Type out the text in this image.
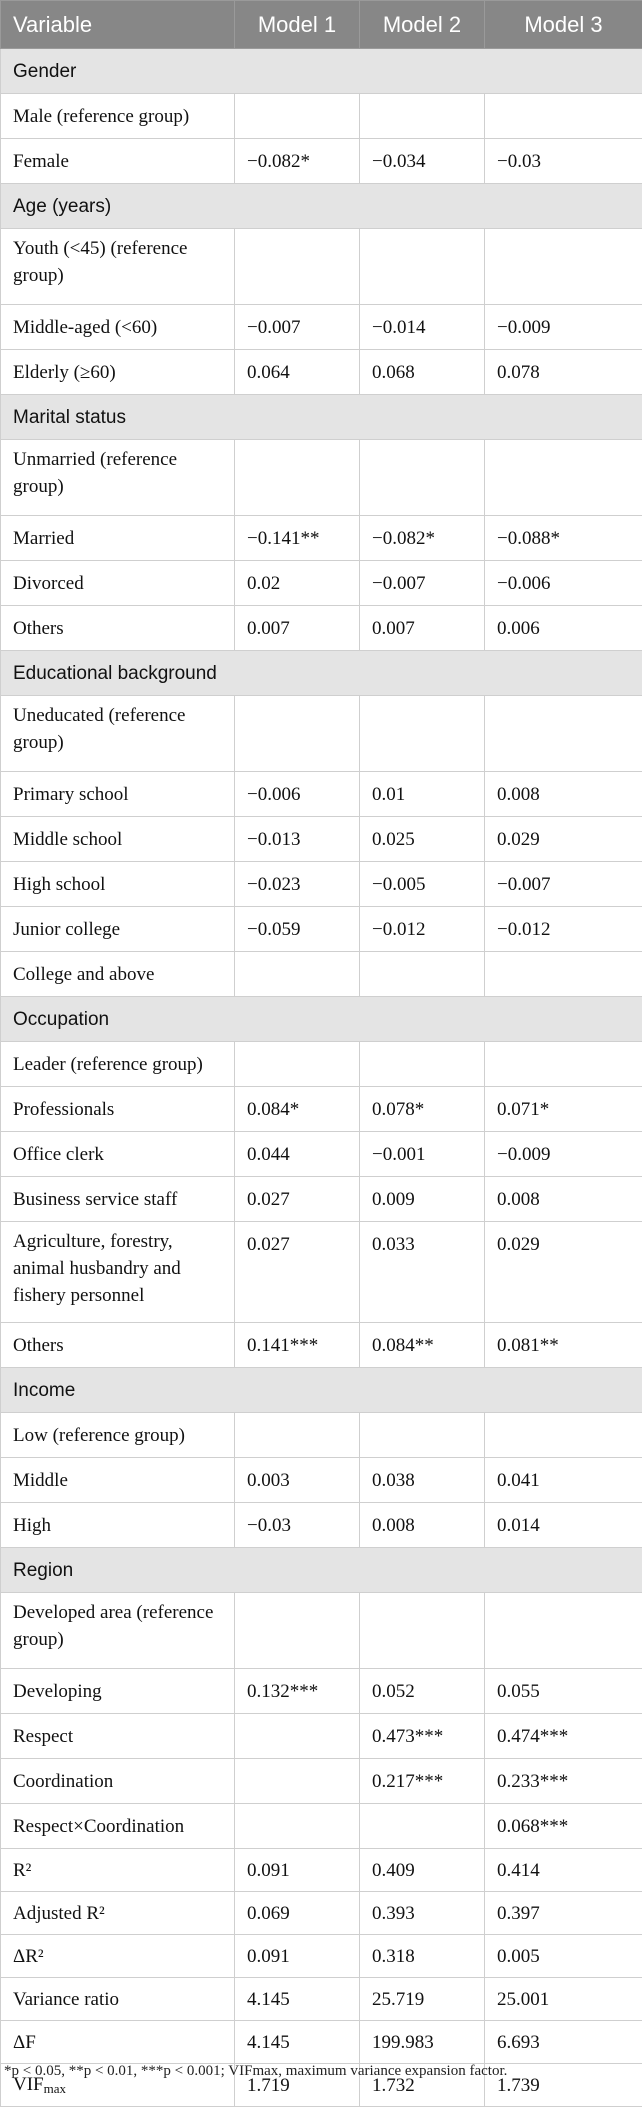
Variable	Model 1	Model 2	Model 3
Gender			
Male (reference group)			
Female	−0.082*	−0.034	−0.03
Age (years)			
Youth (<45) (reference group)			
Middle-aged (<60)	−0.007	−0.014	−0.009
Elderly (≥60)	0.064	0.068	0.078
Marital status			
Unmarried (reference group)			
Married	−0.141**	−0.082*	−0.088*
Divorced	0.02	−0.007	−0.006
Others	0.007	0.007	0.006
Educational background			
Uneducated (reference group)			
Primary school	−0.006	0.01	0.008
Middle school	−0.013	0.025	0.029
High school	−0.023	−0.005	−0.007
Junior college	−0.059	−0.012	−0.012
College and above			
Occupation			
Leader (reference group)			
Professionals	0.084*	0.078*	0.071*
Office clerk	0.044	−0.001	−0.009
Business service staff	0.027	0.009	0.008
Agriculture, forestry, animal husbandry and fishery personnel	0.027	0.033	0.029
Others	0.141***	0.084**	0.081**
Income			
Low (reference group)			
Middle	0.003	0.038	0.041
High	−0.03	0.008	0.014
Region			
Developed area (reference group)			
Developing	0.132***	0.052	0.055
Respect		0.473***	0.474***
Coordination		0.217***	0.233***
Respect×Coordination			0.068***
R²	0.091	0.409	0.414
Adjusted R²	0.069	0.393	0.397
ΔR²	0.091	0.318	0.005
Variance ratio	4.145	25.719	25.001
ΔF	4.145	199.983	6.693
VIFmax	1.719	1.732	1.739
*p < 0.05, **p < 0.01, ***p < 0.001; VIFmax, maximum variance expansion factor.
